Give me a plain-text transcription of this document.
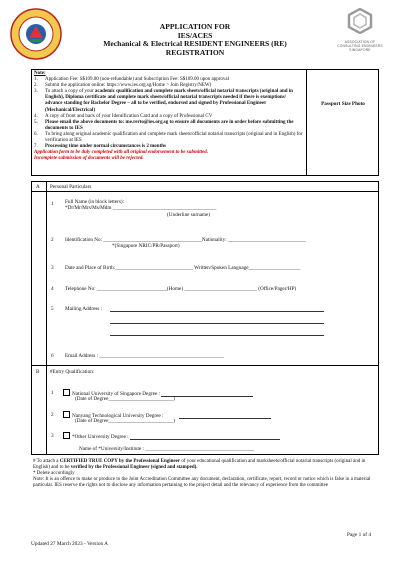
APPLICATION FOR
IES/ACES
Mechanical & Electrical RESIDENT ENGINEERS (RE)
REGISTRATION
ASSOCIATION OF
CONSULTING ENGINEERS
SINGAPORE
Note:
1.	Application Fee: S$109.00 (non-refundable) and Subscription Fee: S$109.00 upon approval
2.	Submit the application online: https://www.ies.org.sg/Home > Join Registry/NEW)
3.	To attach a copy of your academic qualification and complete mark sheets/official notarial transcripts (original and in English), Diploma certificate and complete mark sheets/official notarial transcripts needed if there is exemptions/ advance standing for Bachelor Degree – all to be verified, endorsed and signed by Professional Engineer (Mechanical/Electrical)
4.	A copy of front and back of your Identification Card and a copy of Professional CV
5.	Please email the above documents to: me.rerto@ies.org.sg to ensure all documents are in order before submitting the documents to IES
6.	To bring along original academic qualification and complete mark sheets/official notarial transcripts (original and in English) for verification at IES
7.	Processing time under normal circumstances is 2 months
Application form to be duly completed with all original endorsement to be submitted.
Incomplete submission of documents will be rejected.
Passport Size Photo
A Personal Particulars
1 Full Name (in block letters):
*Dr/Mr/Mrs/Ms/Mdm ________________________________________
(Underline surname)
2 Identification No: ______________________________________Nationality: ______________________________
*(Singapore NRIC/PR/Passport)
3 Date and Place of Birth:______________________________ Written/Spoken Language____________________
4 Telephone No: ___________________________(Home) ____________________________ (Office/Pager/HP)
5 Mailing Address :
6 Email Address : ________________________________________________
B #Entry Qualification:
1	National University of Singapore Degree :
(Date of Degree_________________________)
2	Nanyang Technological University Degree :
(Date of Degree_________________________)
3	*Other University Degree :
Name of *University/Institute : __________________________________________
# To attach a CERTIFIED TRUE COPY by the Professional Engineer of your educational qualification and marksheets/official notarial transcripts (original and in English) and to be verified by the Professional Engineer (signed and stamped).
* Delete accordingly
Note: It is an offence to make or produce to the Joint Accreditation Committee any document, declaration, certificate, report, record or notice which is false in a material particular. IES reserve the rights not to disclose any information pertaining to the project detail and the relevancy of experience from the committee
Page 1 of 4
Updated 27 March 2023 - Version A
